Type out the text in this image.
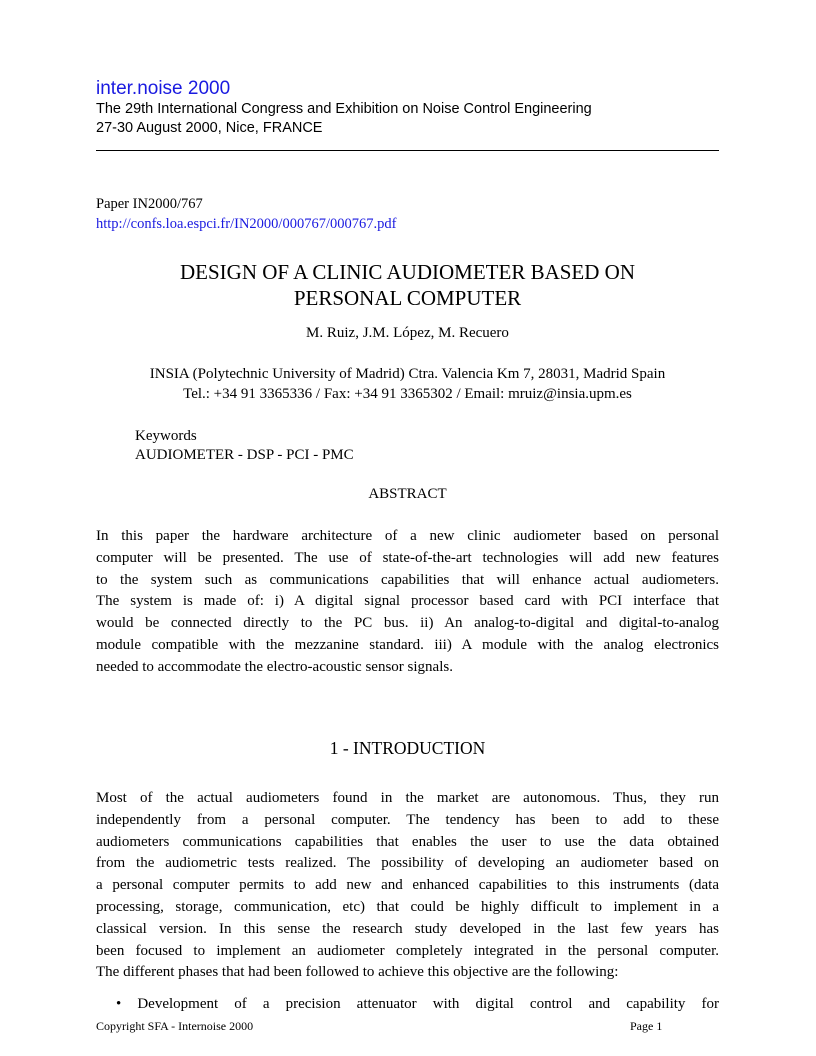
inter.noise 2000
The 29th International Congress and Exhibition on Noise Control Engineering
27-30 August 2000, Nice, FRANCE
Paper IN2000/767
http://confs.loa.espci.fr/IN2000/000767/000767.pdf
DESIGN OF A CLINIC AUDIOMETER BASED ON
PERSONAL COMPUTER
M. Ruiz, J.M. López, M. Recuero
INSIA (Polytechnic University of Madrid) Ctra. Valencia Km 7, 28031, Madrid Spain
Tel.: +34 91 3365336 / Fax: +34 91 3365302 / Email: mruiz@insia.upm.es
Keywords
AUDIOMETER - DSP - PCI - PMC
ABSTRACT
In this paper the hardware architecture of a new clinic audiometer based on personal
computer will be presented. The use of state-of-the-art technologies will add new features
to the system such as communications capabilities that will enhance actual audiometers.
The system is made of: i) A digital signal processor based card with PCI interface that
would be connected directly to the PC bus. ii) An analog-to-digital and digital-to-analog
module compatible with the mezzanine standard. iii) A module with the analog electronics
needed to accommodate the electro-acoustic sensor signals.
1 - INTRODUCTION
Most of the actual audiometers found in the market are autonomous. Thus, they run
independently from a personal computer. The tendency has been to add to these
audiometers communications capabilities that enables the user to use the data obtained
from the audiometric tests realized. The possibility of developing an audiometer based on
a personal computer permits to add new and enhanced capabilities to this instruments (data
processing, storage, communication, etc) that could be highly difficult to implement in a
classical version. In this sense the research study developed in the last few years has
been focused to implement an audiometer completely integrated in the personal computer.
The different phases that had been followed to achieve this objective are the following:
• Development of a precision attenuator with digital control and capability for
Copyright SFA - Internoise 2000	Page 1
